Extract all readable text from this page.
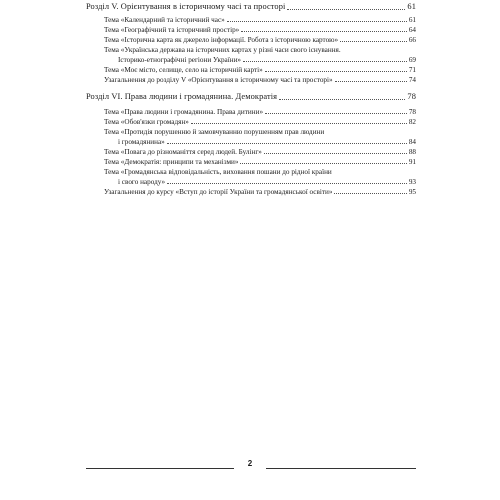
Розділ V. Орієнтування в історичному часі та просторі	61
Тема «Календарний та історичний час»	61
Тема «Географічний та історичний простір»	64
Тема «Історична карта як джерело інформації. Робота з історичною картою»	66
Тема «Українська держава на історичних картах у різні часи свого існування.
Історико-етнографічні регіони України»	69
Тема «Моє місто, селище, село на історичній карті»	71
Узагальнення до розділу V «Орієнтування в історичному часі та просторі»	74
Розділ VI. Права людини і громадянина. Демократія	78
Тема «Права людини і громадянина. Права дитини»	78
Тема «Обов'язки громадян»	82
Тема «Протидія порушенню й замовчуванню порушенням прав людини
і громадянина»	84
Тема «Повага до різноманіття серед людей. Булінг»	88
Тема «Демократія: принципи та механізми»	91
Тема «Громадянська відповідальність, виховання пошани до рідної країни
і свого народу»	93
Узагальнення до курсу «Вступ до історії України та громадянської освіти»	95
2
